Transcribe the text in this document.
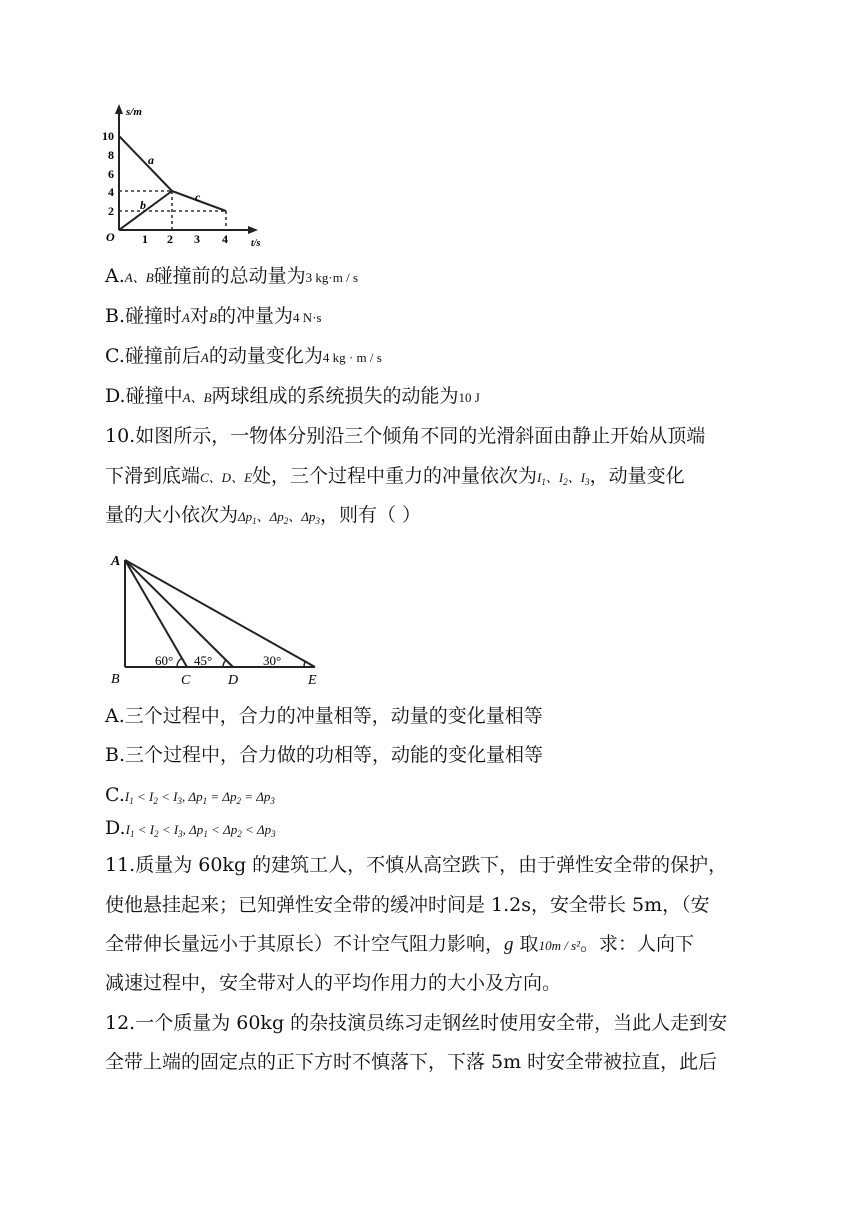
s/m
t/s
O
10
8
6
4
2
1 2 3 4
a
b
c
A.A、B碰撞前的总动量为3 kg·m / s
B.碰撞时A对B的冲量为4 N·s
C.碰撞前后A的动量变化为4 kg · m / s
D.碰撞中A、B两球组成的系统损失的动能为10 J
10.如图所示，一物体分别沿三个倾角不同的光滑斜面由静止开始从顶端
下滑到底端C、D、E处，三个过程中重力的冲量依次为$I_1$、$I_2$、$I_3$，动量变化
量的大小依次为$\Delta p_1$、$\Delta p_2$、$\Delta p_3$，则有（ ）
A
B	C	D	E
60° 45°	30°
A.三个过程中，合力的冲量相等，动量的变化量相等
B.三个过程中，合力做的功相等，动能的变化量相等
$C.I_1 < I_2 < I_3$, $\Delta p_1 = \Delta p_2 = \Delta p_3$
$D.I_1 < I_2 < I_3$, $\Delta p_1 < \Delta p_2 < \Delta p_3$
11.质量为 60kg 的建筑工人，不慎从高空跌下，由于弹性安全带的保护，
使他悬挂起来；已知弹性安全带的缓冲时间是 1.2s，安全带长 5m，（安
全带伸长量远小于其原长）不计空气阻力影响，g 取10m / s²。求：人向下
减速过程中，安全带对人的平均作用力的大小及方向。
12.一个质量为 60kg 的杂技演员练习走钢丝时使用安全带，当此人走到安
全带上端的固定点的正下方时不慎落下，下落 5m 时安全带被拉直，此后
